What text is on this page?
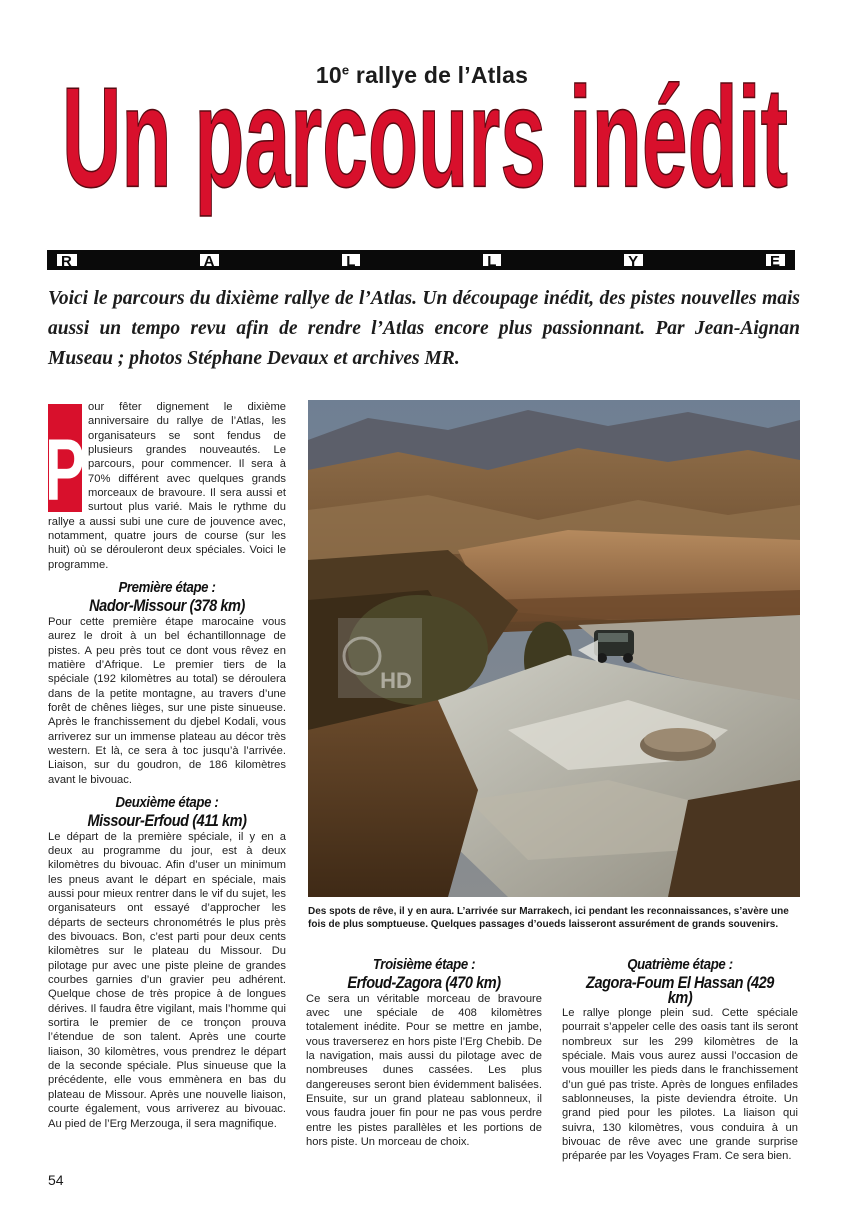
10e rallye de l’Atlas
Un parcours inédit
R	A	L	L	Y	E
Voici le parcours du dixième rallye de l’Atlas. Un découpage inédit, des pistes nouvelles mais aussi un tempo revu afin de rendre l’Atlas encore plus passionnant. Par Jean-Aignan Museau ; photos Stéphane Devaux et archives MR.
P

our fêter dignement le dixième anniversaire du rallye de l’Atlas, les organisateurs se sont fendus de plusieurs grandes nouveautés. Le parcours, pour commencer. Il sera à 70% différent avec quelques grands morceaux de bravoure. Il sera aussi et surtout plus varié. Mais le rythme du rallye a aussi subi une cure de jouvence avec, notamment, quatre jours de course (sur les huit) où se dérouleront deux spéciales. Voici le programme.

Première étape :
Nador-Missour (378 km)

Pour cette première étape marocaine vous aurez le droit à un bel échantillonnage de pistes. A peu près tout ce dont vous rêvez en matière d’Afrique. Le premier tiers de la spéciale (192 kilomètres au total) se déroulera dans de la petite montagne, au travers d’une forêt de chênes lièges, sur une piste sinueuse. Après le franchissement du djebel Kodali, vous arriverez sur un immense plateau au décor très western. Et là, ce sera à toc jusqu’à l’arrivée. Liaison, sur du goudron, de 186 kilomètres avant le bivouac.

Deuxième étape :
Missour-Erfoud (411 km)

Le départ de la première spéciale, il y en a deux au programme du jour, est à deux kilomètres du bivouac. Afin d’user un minimum les pneus avant le départ en spéciale, mais aussi pour mieux rentrer dans le vif du sujet, les organisateurs ont essayé d’approcher les départs de secteurs chronométrés le plus près des bivouacs. Bon, c’est parti pour deux cents kilomètres sur le plateau du Missour. Du pilotage pur avec une piste pleine de grandes courbes garnies d’un gravier peu adhérent. Quelque chose de très propice à de longues dérives. Il faudra être vigilant, mais l’homme qui sortira le premier de ce tronçon prouva l’étendue de son talent. Après une courte liaison, 30 kilomètres, vous prendrez le départ de la seconde spéciale. Plus sinueuse que la précédente, elle vous emmènera en bas du plateau de Missour. Après une nouvelle liaison, courte également, vous arriverez au bivouac. Au pied de l’Erg Merzouga, il sera magnifique.

HD
Des spots de rêve, il y en aura. L’arrivée sur Marrakech, ici pendant les reconnaissances, s’avère une fois de plus somptueuse. Quelques passages d’oueds laisseront assurément de grands souvenirs.
Troisième étape :
Erfoud-Zagora (470 km)

Ce sera un véritable morceau de bravoure avec une spéciale de 408 kilomètres totalement inédite. Pour se mettre en jambe, vous traverserez en hors piste l’Erg Chebib. De la navigation, mais aussi du pilotage avec de nombreuses dunes cassées. Les plus dangereuses seront bien évidemment balisées. Ensuite, sur un grand plateau sablonneux, il vous faudra jouer fin pour ne pas vous perdre entre les pistes parallèles et les portions de hors piste. Un morceau de choix.

Quatrième étape :
Zagora-Foum El Hassan (429 km)

Le rallye plonge plein sud. Cette spéciale pourrait s’appeler celle des oasis tant ils seront nombreux sur les 299 kilomètres de la spéciale. Mais vous aurez aussi l’occasion de vous mouiller les pieds dans le franchissement d’un gué pas triste. Après de longues enfilades sablonneuses, la piste deviendra étroite. Un grand pied pour les pilotes. La liaison qui suivra, 130 kilomètres, vous conduira à un bivouac de rêve avec une grande surprise préparée par les Voyages Fram. Ce sera bien.

54
